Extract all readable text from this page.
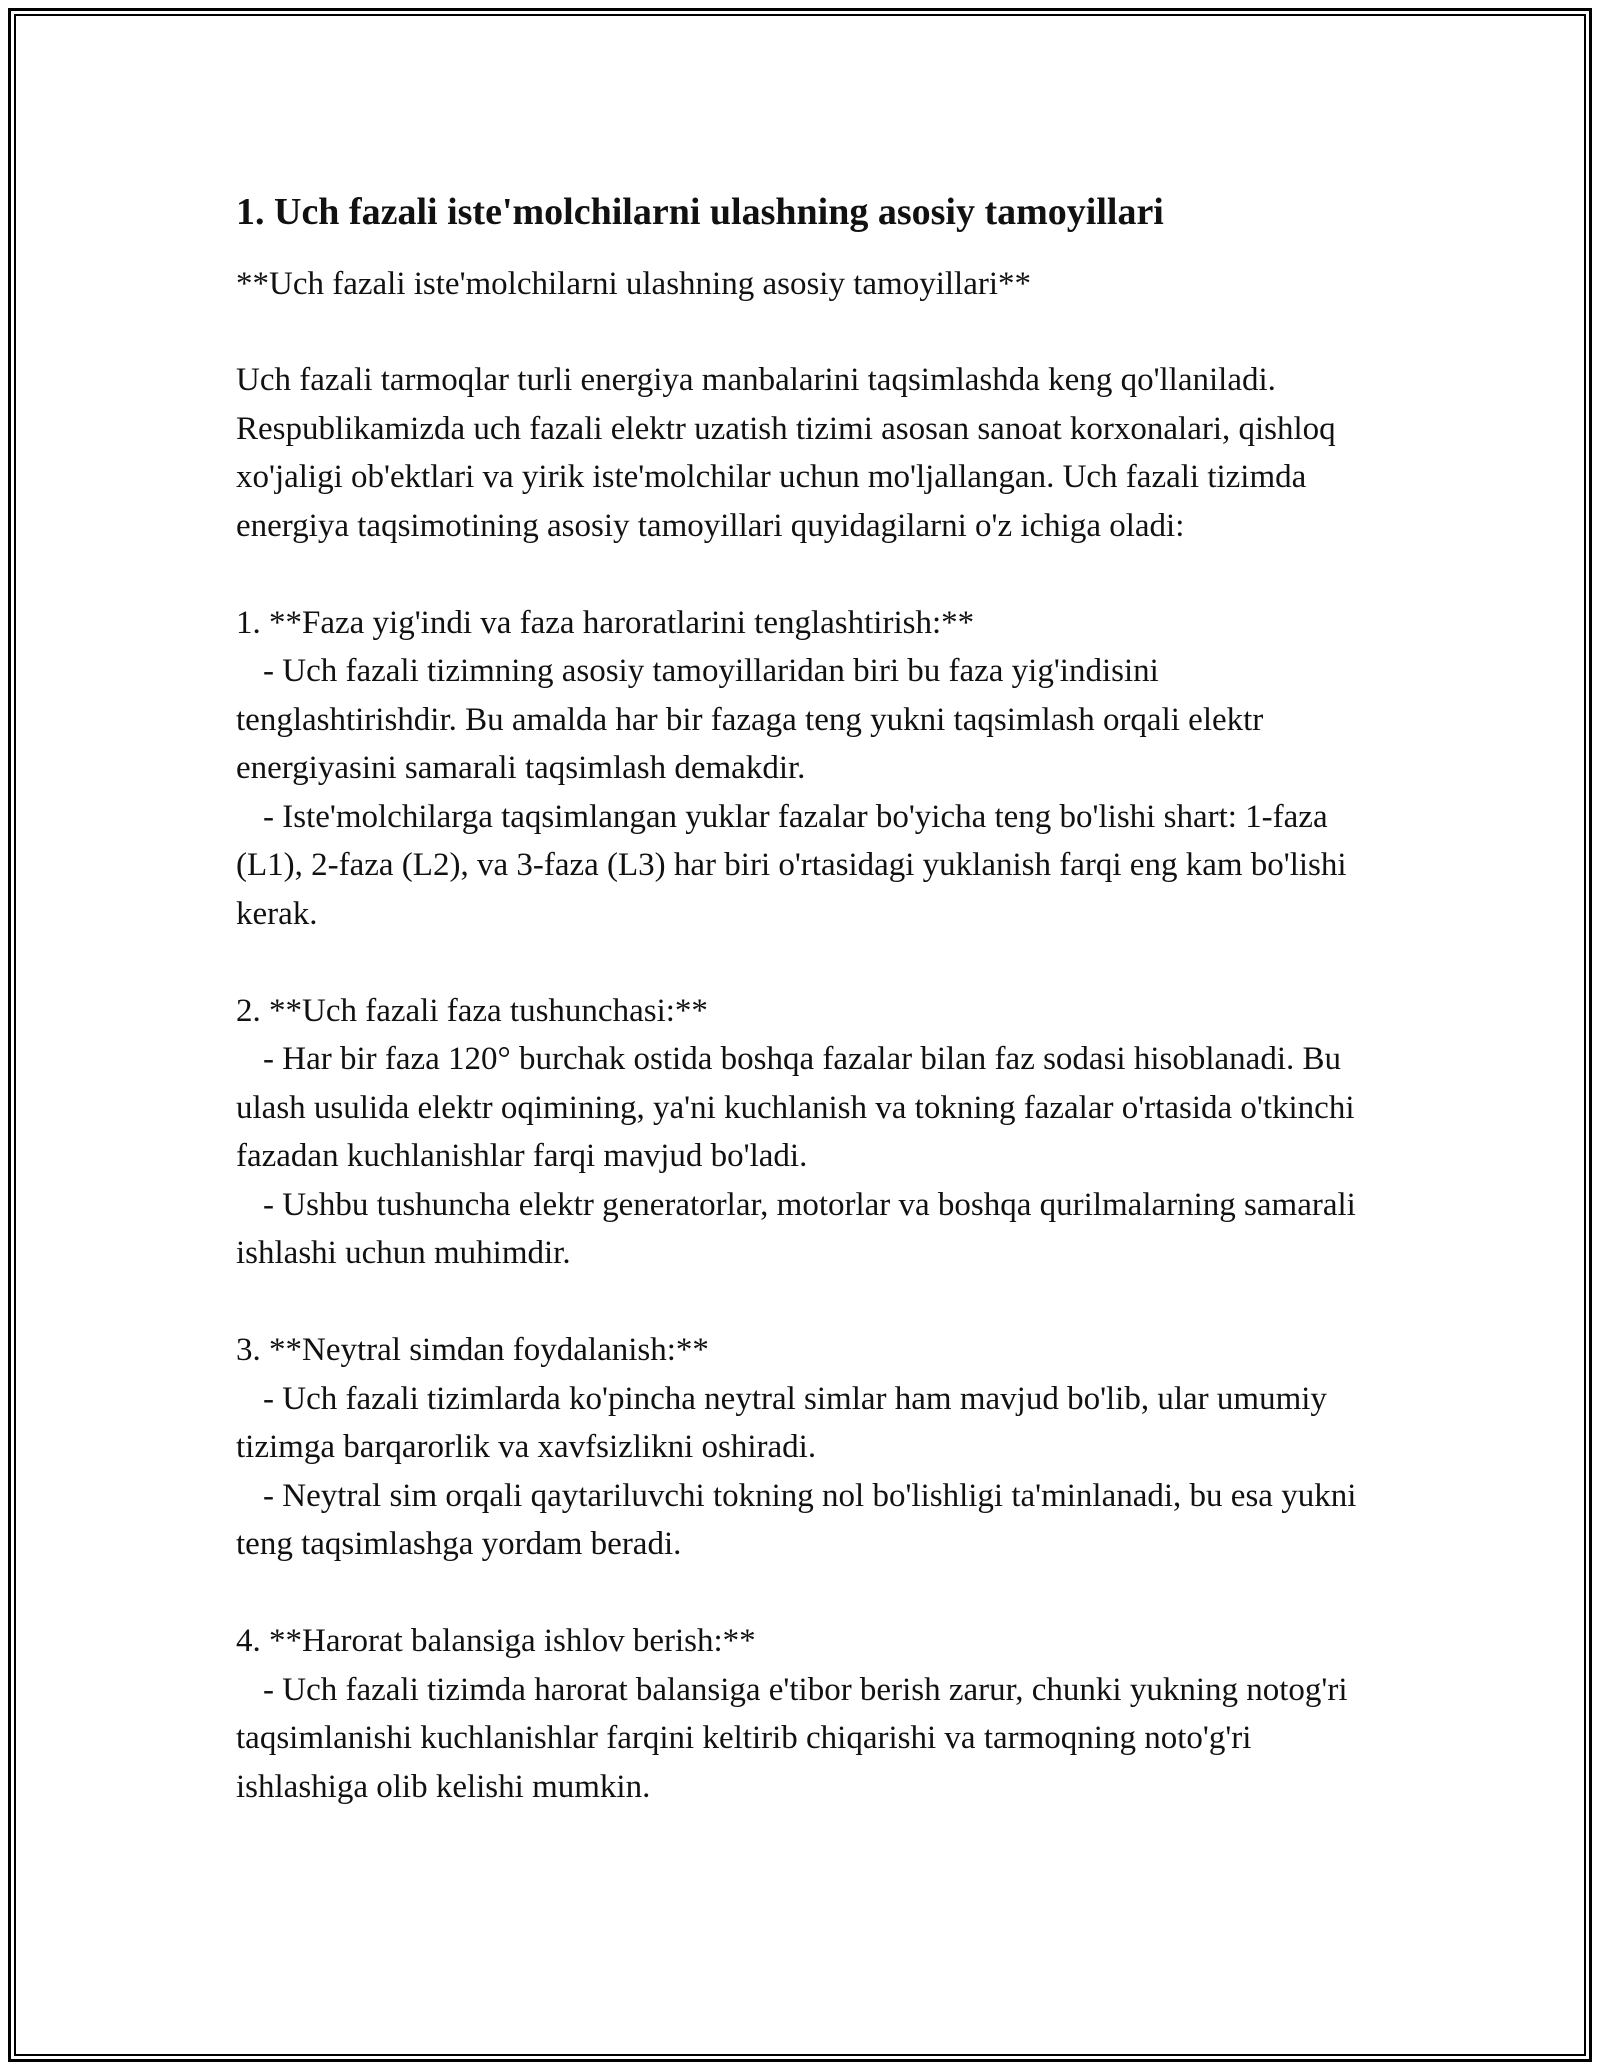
1. Uch fazali iste'molchilarni ulashning asosiy tamoyillari

**Uch fazali iste'molchilarni ulashning asosiy tamoyillari**

Uch fazali tarmoqlar turli energiya manbalarini taqsimlashda keng qo'llaniladi. Respublikamizda uch fazali elektr uzatish tizimi asosan sanoat korxonalari, qishloq xo'jaligi ob'ektlari va yirik iste'molchilar uchun mo'ljallangan. Uch fazali tizimda energiya taqsimotining asosiy tamoyillari quyidagilarni o'z ichiga oladi:

1. **Faza yig'indi va faza haroratlarini tenglashtirish:**

- Uch fazali tizimning asosiy tamoyillaridan biri bu faza yig'indisini tenglashtirishdir. Bu amalda har bir fazaga teng yukni taqsimlash orqali elektr energiyasini samarali taqsimlash demakdir.

- Iste'molchilarga taqsimlangan yuklar fazalar bo'yicha teng bo'lishi shart: 1-faza (L1), 2-faza (L2), va 3-faza (L3) har biri o'rtasidagi yuklanish farqi eng kam bo'lishi kerak.

2. **Uch fazali faza tushunchasi:**

- Har bir faza 120° burchak ostida boshqa fazalar bilan faz sodasi hisoblanadi. Bu ulash usulida elektr oqimining, ya'ni kuchlanish va tokning fazalar o'rtasida o'tkinchi fazadan kuchlanishlar farqi mavjud bo'ladi.

- Ushbu tushuncha elektr generatorlar, motorlar va boshqa qurilmalarning samarali ishlashi uchun muhimdir.

3. **Neytral simdan foydalanish:**

- Uch fazali tizimlarda ko'pincha neytral simlar ham mavjud bo'lib, ular umumiy tizimga barqarorlik va xavfsizlikni oshiradi.

- Neytral sim orqali qaytariluvchi tokning nol bo'lishligi ta'minlanadi, bu esa yukni teng taqsimlashga yordam beradi.

4. **Harorat balansiga ishlov berish:**

- Uch fazali tizimda harorat balansiga e'tibor berish zarur, chunki yukning notog'ri taqsimlanishi kuchlanishlar farqini keltirib chiqarishi va tarmoqning noto'g'ri ishlashiga olib kelishi mumkin.
